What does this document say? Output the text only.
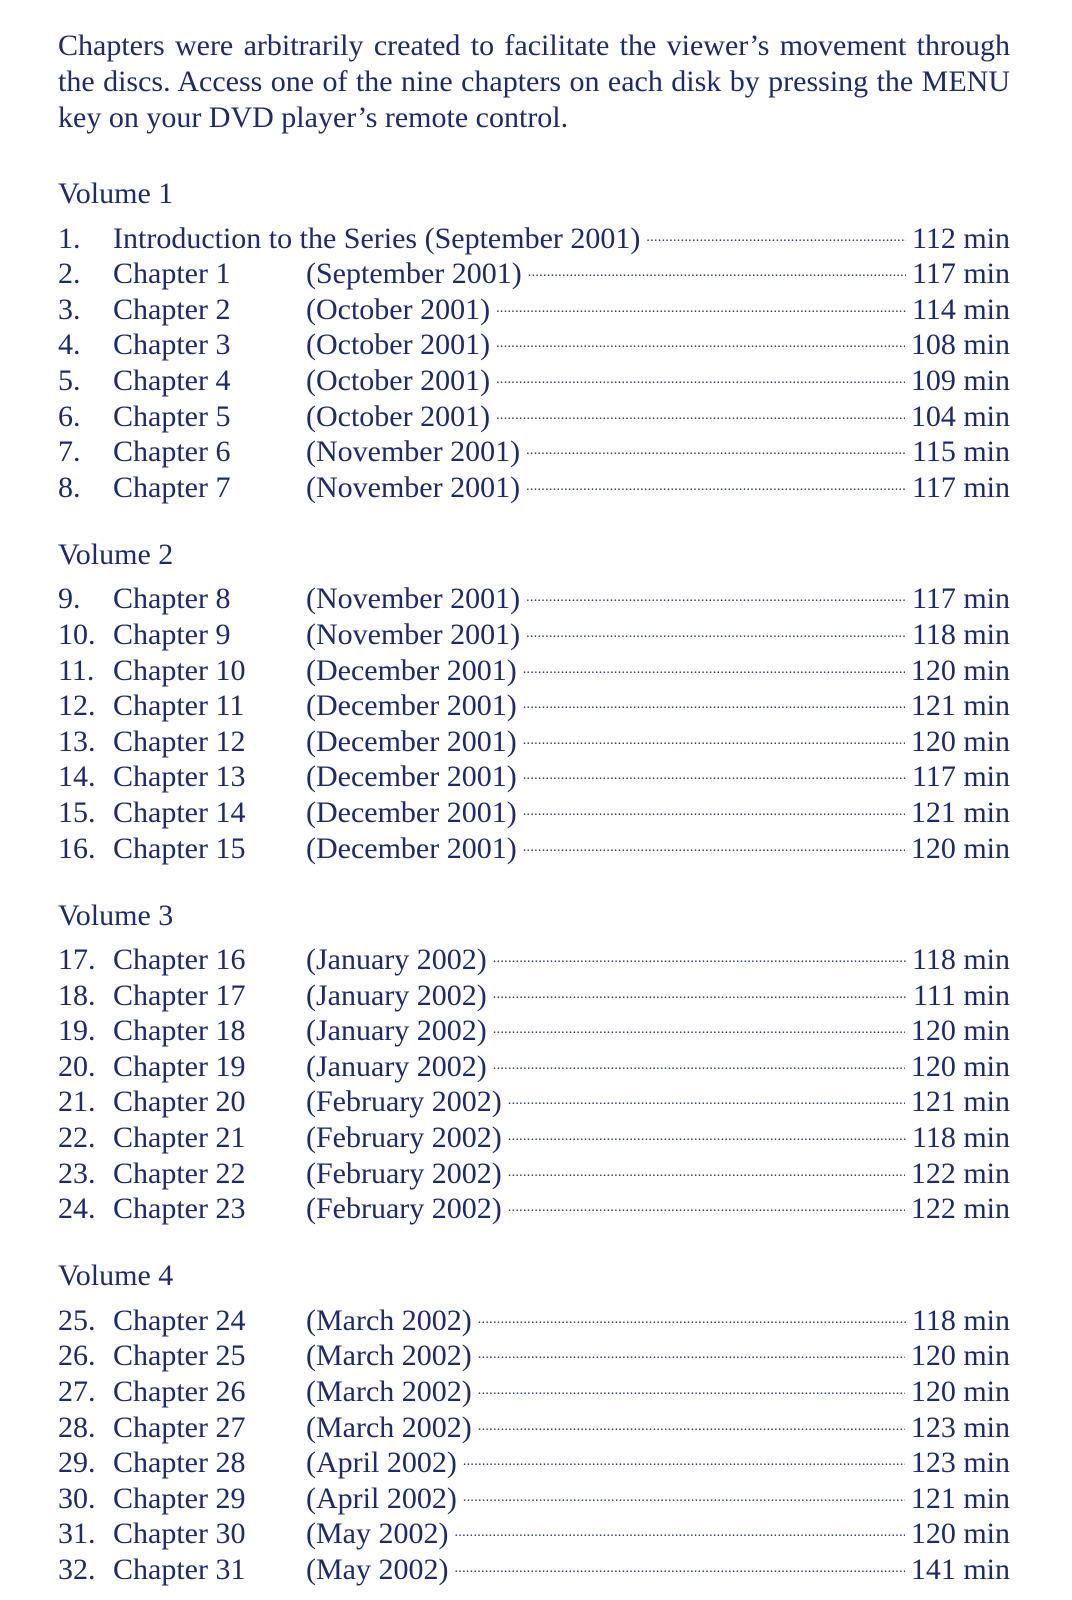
Chapters were arbitrarily created to facilitate the viewer’s movement through the discs. Access one of the nine chapters on each disk by pressing the MENU key on your DVD player’s remote control.

Volume 1
1.	Introduction to the Series (September 2001) . . .	112 min
2.	Chapter 1	(September 2001) . . .	117 min
3.	Chapter 2	(October 2001) . . .	114 min
4.	Chapter 3	(October 2001) . . .	108 min
5.	Chapter 4	(October 2001) . . .	109 min
6.	Chapter 5	(October 2001) . . .	104 min
7.	Chapter 6	(November 2001) . . .	115 min
8.	Chapter 7	(November 2001) . . .	117 min
Volume 2
9.	Chapter 8	(November 2001) . . .	117 min
10. Chapter 9	(November 2001) . . .	118 min
11. Chapter 10	(December 2001) . . .	120 min
12. Chapter 11	(December 2001) . . .	121 min
13. Chapter 12	(December 2001) . . .	120 min
14. Chapter 13	(December 2001) . . .	117 min
15. Chapter 14	(December 2001) . . .	121 min
16. Chapter 15	(December 2001) . . .	120 min
Volume 3
17. Chapter 16	(January 2002) . . .	118 min
18. Chapter 17	(January 2002) . . .	111 min
19. Chapter 18	(January 2002) . . .	120 min
20. Chapter 19	(January 2002) . . .	120 min
21. Chapter 20	(February 2002) . . .	121 min
22. Chapter 21	(February 2002) . . .	118 min
23. Chapter 22	(February 2002) . . .	122 min
24. Chapter 23	(February 2002) . . .	122 min
Volume 4
25. Chapter 24	(March 2002) . . .	118 min
26. Chapter 25	(March 2002) . . .	120 min
27. Chapter 26	(March 2002) . . .	120 min
28. Chapter 27	(March 2002) . . .	123 min
29. Chapter 28	(April 2002) . . .	123 min
30. Chapter 29	(April 2002) . . .	121 min
31. Chapter 30	(May 2002) . . .	120 min
32. Chapter 31	(May 2002) . . .	141 min
